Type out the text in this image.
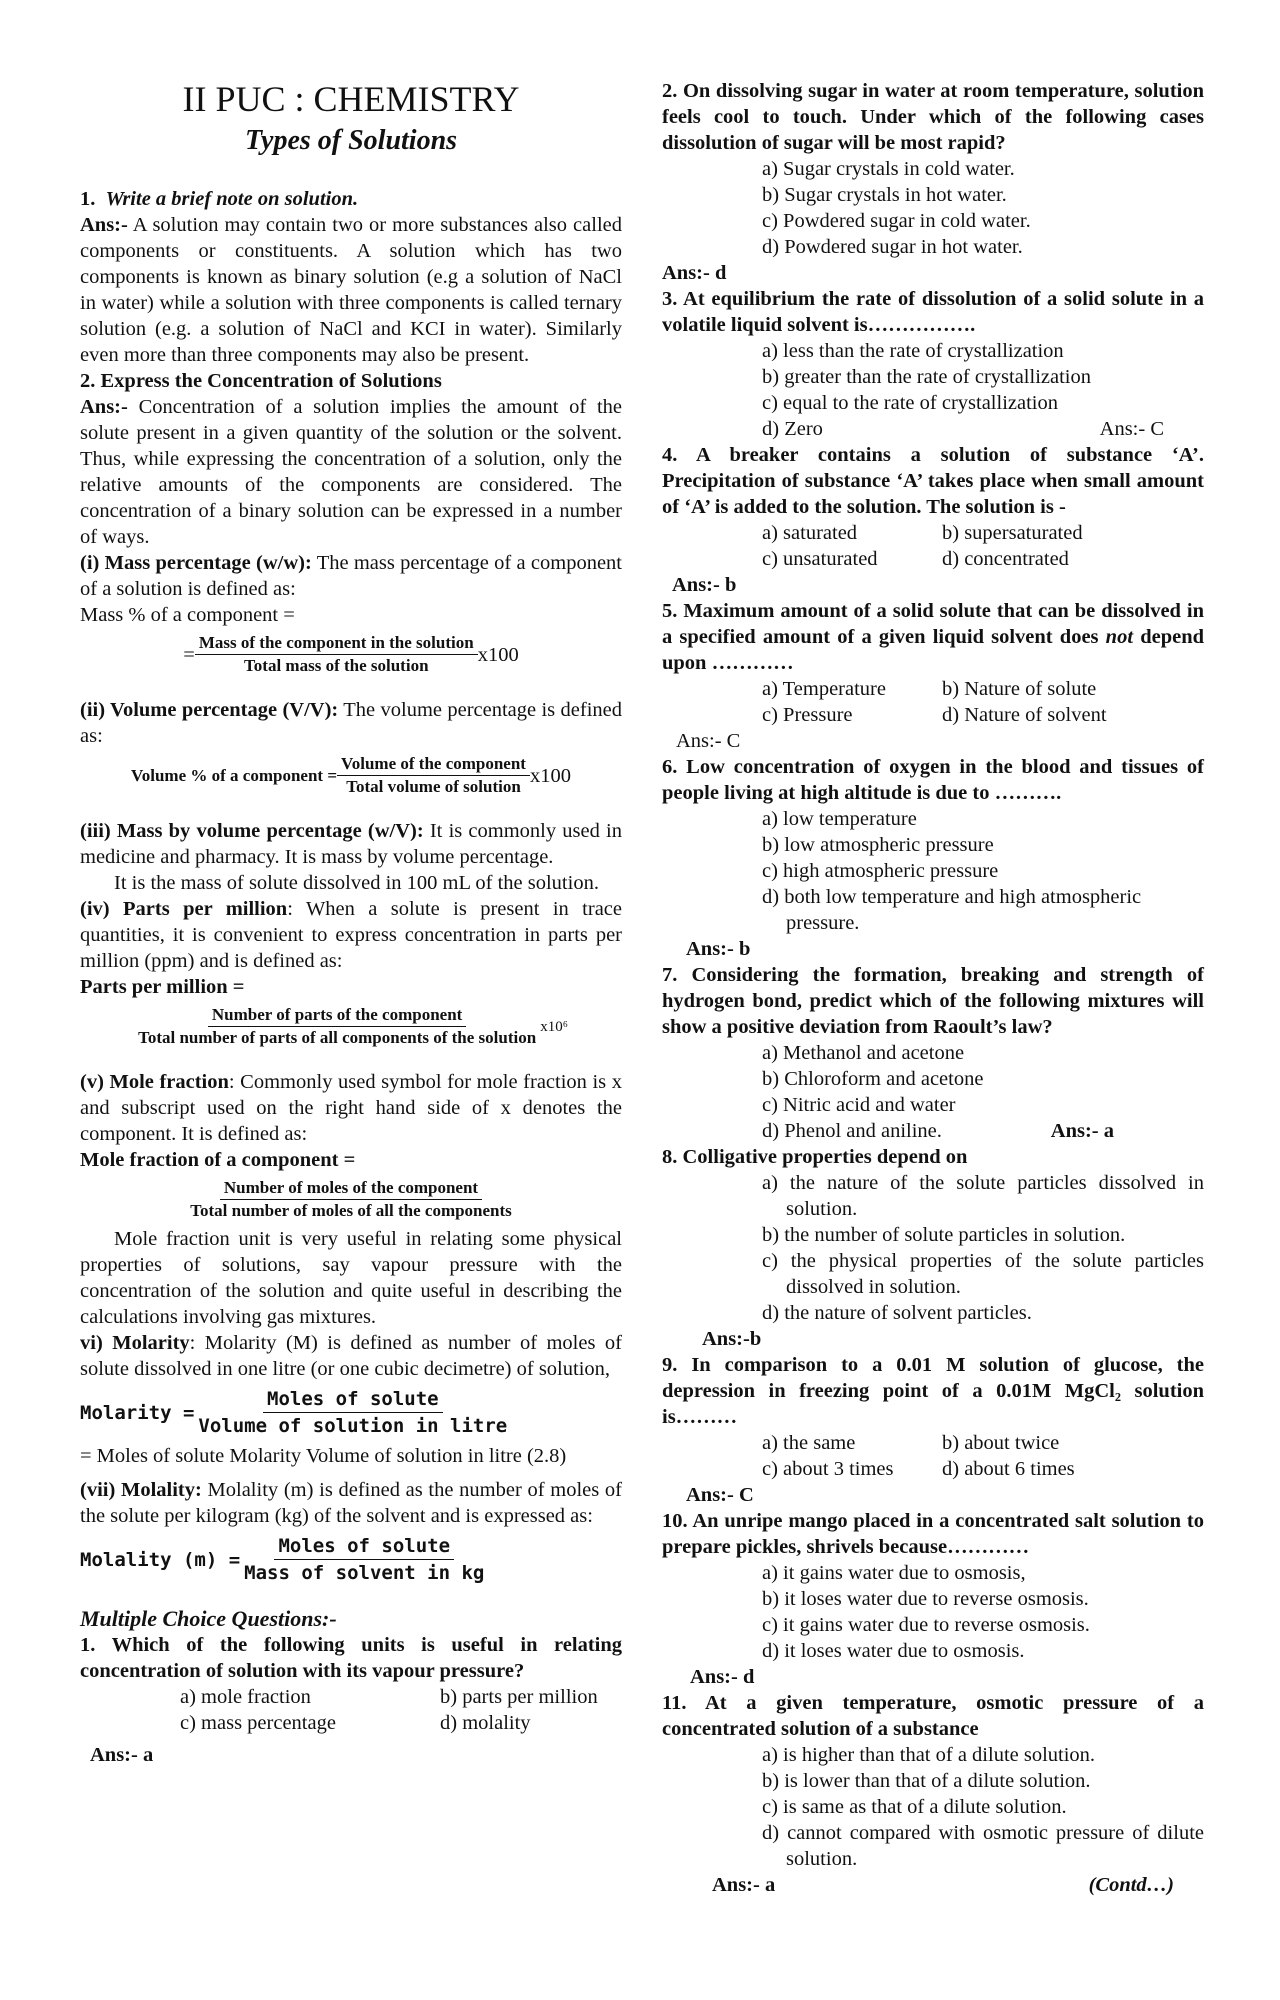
II PUC : CHEMISTRY
Types of Solutions

1. Write a brief note on solution.

Ans:- A solution may contain two or more substances also called components or constituents. A solution which has two components is known as binary solution (e.g a solution of NaCl in water) while a solution with three components is called ternary solution (e.g. a solution of NaCl and KCI in water). Similarly even more than three components may also be present.

2. Express the Concentration of Solutions

Ans:- Concentration of a solution implies the amount of the solute present in a given quantity of the solution or the solvent. Thus, while expressing the concentration of a solution, only the relative amounts of the components are considered. The concentration of a binary solution can be expressed in a number of ways.

(i) Mass percentage (w/w): The mass percentage of a component of a solution is defined as:

Mass % of a component =

= $\frac{\text{Mass of the component in the solution}}{\text{Total mass of the solution}} x100$

(ii) Volume percentage (V/V): The volume percentage is defined as:

Volume % of a component = $\frac{\text{Volume of the component}}{\text{Total volume of solution}} x100$

(iii) Mass by volume percentage (w/V): It is commonly used in medicine and pharmacy. It is mass by volume percentage.

It is the mass of solute dissolved in 100 mL of the solution.

(iv) Parts per million: When a solute is present in trace quantities, it is convenient to express concentration in parts per million (ppm) and is defined as:

Parts per million =

$\frac{\text{Number of parts of the component}}{\text{Total number of parts of all components of the solution}} x10^6$

(v) Mole fraction: Commonly used symbol for mole fraction is x and subscript used on the right hand side of x denotes the component. It is defined as:

Mole fraction of a component =

$\frac{\text{Number of moles of the component}}{\text{Total number of moles of all the components}}$

Mole fraction unit is very useful in relating some physical properties of solutions, say vapour pressure with the concentration of the solution and quite useful in describing the calculations involving gas mixtures.

vi) Molarity: Molarity (M) is defined as number of moles of solute dissolved in one litre (or one cubic decimetre) of solution,

Molarity = $\frac{\text{Moles of solute}}{\text{Volume of solution in litre}}$

= Moles of solute Molarity Volume of solution in litre (2.8)

(vii) Molality: Molality (m) is defined as the number of moles of the solute per kilogram (kg) of the solvent and is expressed as:

Molality $(m) = \frac{\text{Moles of solute}}{\text{Mass of solvent in kg}}$

Multiple Choice Questions:-

1. Which of the following units is useful in relating concentration of solution with its vapour pressure?

a) mole fraction	b) parts per million
c) mass percentage	d) molality

Ans:- a

2. On dissolving sugar in water at room temperature, solution feels cool to touch. Under which of the following cases dissolution of sugar will be most rapid?

a) Sugar crystals in cold water.

b) Sugar crystals in hot water.

c) Powdered sugar in cold water.

d) Powdered sugar in hot water.

Ans:- d

3. At equilibrium the rate of dissolution of a solid solute in a volatile liquid solvent is…………….

a) less than the rate of crystallization

b) greater than the rate of crystallization

c) equal to the rate of crystallization

d) Zero	Ans:- C

4. A breaker contains a solution of substance ‘A’. Precipitation of substance ‘A’ takes place when small amount of ‘A’ is added to the solution. The solution is -

a) saturated	b) supersaturated
c) unsaturated	d) concentrated

Ans:- b

5. Maximum amount of a solid solute that can be dissolved in a specified amount of a given liquid solvent does not depend upon …………

a) Temperature	b) Nature of solute
c) Pressure	d) Nature of solvent

Ans:- C

6. Low concentration of oxygen in the blood and tissues of people living at high altitude is due to ……….

a) low temperature

b) low atmospheric pressure

c) high atmospheric pressure

d) both low temperature and high atmospheric pressure.

Ans:- b

7. Considering the formation, breaking and strength of hydrogen bond, predict which of the following mixtures will show a positive deviation from Raoult’s law?

a) Methanol and acetone

b) Chloroform and acetone

c) Nitric acid and water

d) Phenol and aniline.	Ans:- a

8. Colligative properties depend on

a) the nature of the solute particles dissolved in solution.

b) the number of solute particles in solution.

c) the physical properties of the solute particles dissolved in solution.

d) the nature of solvent particles.

Ans:-b

9. In comparison to a 0.01 M solution of glucose, the depression in freezing point of a 0.01M MgCl₂ solution is………

a) the same	b) about twice
c) about 3 times	d) about 6 times

Ans:- C

10. An unripe mango placed in a concentrated salt solution to prepare pickles, shrivels because…………

a) it gains water due to osmosis,

b) it loses water due to reverse osmosis.

c) it gains water due to reverse osmosis.

d) it loses water due to osmosis.

Ans:- d

11. At a given temperature, osmotic pressure of a concentrated solution of a substance

a) is higher than that of a dilute solution.

b) is lower than that of a dilute solution.

c) is same as that of a dilute solution.

d) cannot compared with osmotic pressure of dilute solution.

Ans:- a	(Contd…)
